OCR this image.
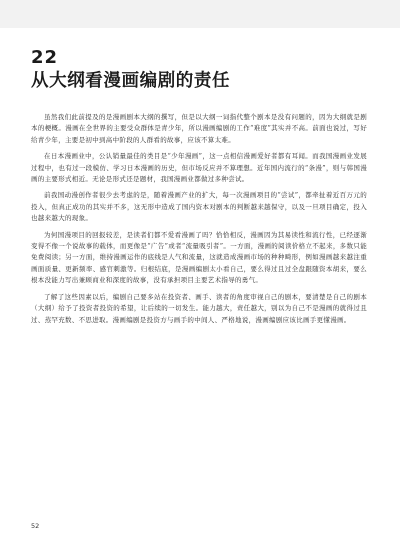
22
从大纲看漫画编剧的责任

虽然我们此前提及的是漫画剧本大纲的撰写，但是以大纲一词指代整个剧本是没有问题的，因为大纲就是剧本的梗概。漫画在全世界的主要受众群体是青少年，所以漫画编剧的工作“难度”其实并不高。前面也说过，写好给青少年，主要是初中到高中阶段的人群看的故事，应该不算太难。

在日本漫画业中，公认销量最佳的类目是“少年漫画”，这一点相信漫画爱好者都有耳闻。而我国漫画业发展过程中，也有过一段模仿、学习日本漫画的历史，但市场反应并不算理想。近年国内流行的“条漫”，则与韩国漫画的主要形式相近。无论是形式还是题材，我国漫画业都做过多种尝试。

前我国动漫创作者很少去考虑的是，随着漫画产业的扩大，每一次漫画项目的“尝试”，都牵扯着近百万元的投入，但真正成功的其实并不多，这无形中造成了国内资本对剧本的判断越来越保守，以及一旦项目确定，投入也越来越大的现象。

为何国漫项目的回报较差，是读者们都不爱看漫画了吗？恰恰相反，漫画因为其易读性和流行性，已经逐渐变得不像一个说故事的载体，而更像是“广告”或者“流量吸引者”。一方面，漫画的阅读价格立不起来，多数只能免费阅读；另一方面，维持漫画运作的底线是人气和流量，这就造成漫画市场的种种畸形，例如漫画越来越注重画面质量、更新频率、感官刺激等。归根结底，是漫画编剧太小看自己，要么得过且过全盘跟随资本胡来，要么根本没能力写出兼顾商业和深度的故事，没有承担项目主要艺术指导的勇气。

了解了这些因素以后，编剧自己要多站在投资者、画手、读者的角度审视自己的剧本，要清楚是自己的剧本（大纲）给予了投资者投资的希望，让后续的一切发生。能力越大，责任越大，别以为自己不是漫画的就得过且过、蒸罕充数、不思进取。漫画编剧是投资方与画手的中间人、严格地说，漫画编剧应该比画手更懂漫画。

52
